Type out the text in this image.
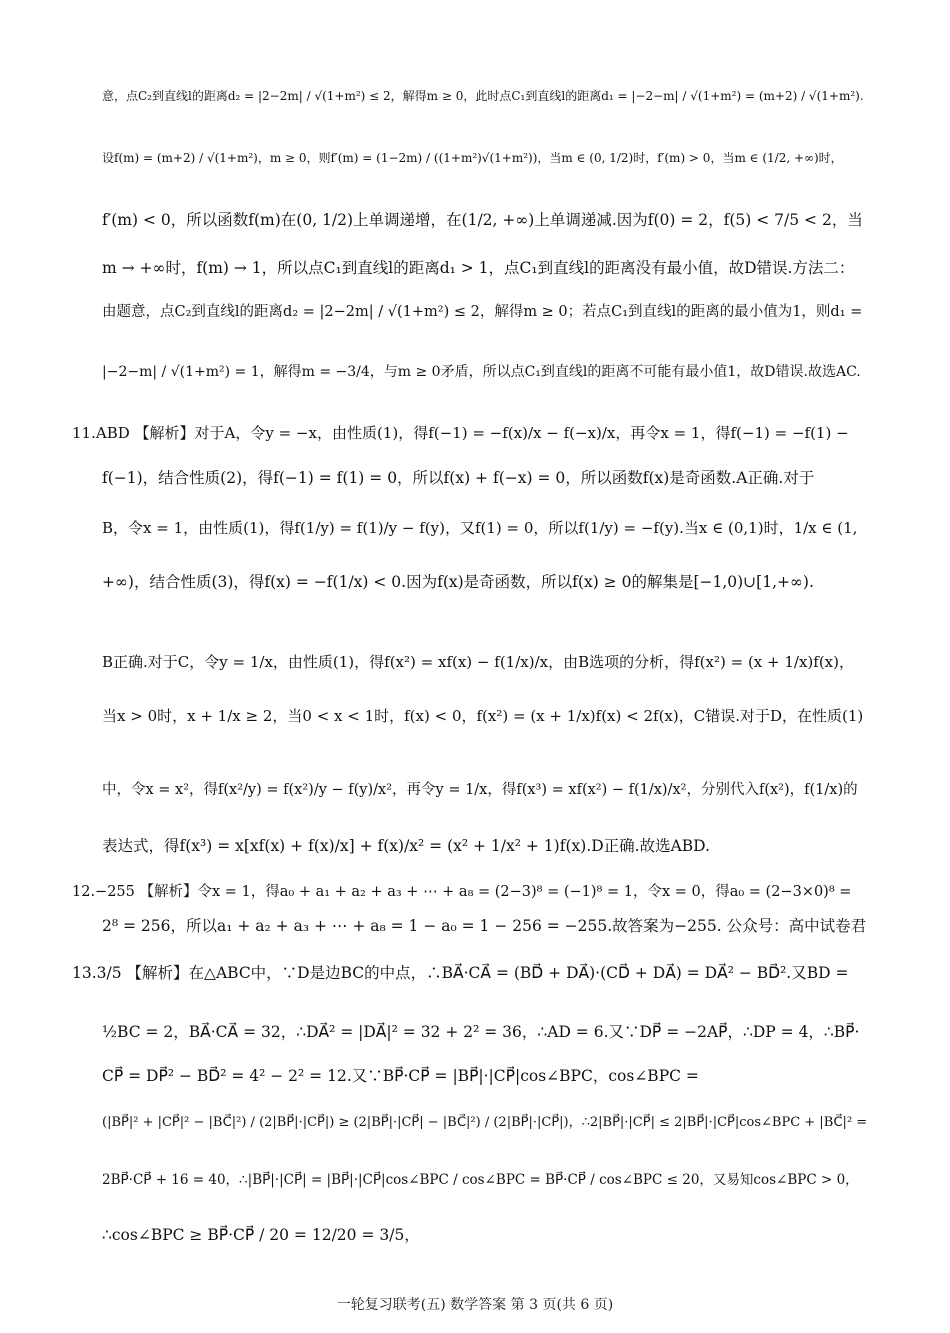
意，点C₂到直线l的距离d₂ = |2−2m| / √(1+m²) ≤ 2，解得m ≥ 0，此时点C₁到直线l的距离d₁ = |−2−m| / √(1+m²) = (m+2) / √(1+m²).
设f(m) = (m+2) / √(1+m²)，m ≥ 0，则f′(m) = (1−2m) / ((1+m²)√(1+m²))，当m ∈ (0, 1/2)时，f′(m) > 0，当m ∈ (1/2, +∞)时，
f′(m) < 0，所以函数f(m)在(0, 1/2)上单调递增，在(1/2, +∞)上单调递减.因为f(0) = 2，f(5) < 7/5 < 2，当
m → +∞时，f(m) → 1，所以点C₁到直线l的距离d₁ > 1，点C₁到直线l的距离没有最小值，故D错误.方法二：
由题意，点C₂到直线l的距离d₂ = |2−2m| / √(1+m²) ≤ 2，解得m ≥ 0；若点C₁到直线l的距离的最小值为1，则d₁ =
|−2−m| / √(1+m²) = 1，解得m = −3/4，与m ≥ 0矛盾，所以点C₁到直线l的距离不可能有最小值1，故D错误.故选AC.
11.ABD 【解析】对于A，令y = −x，由性质(1)，得f(−1) = −f(x)/x − f(−x)/x，再令x = 1，得f(−1) = −f(1) −
f(−1)，结合性质(2)，得f(−1) = f(1) = 0，所以f(x) + f(−x) = 0，所以函数f(x)是奇函数.A正确.对于
B，令x = 1，由性质(1)，得f(1/y) = f(1)/y − f(y)，又f(1) = 0，所以f(1/y) = −f(y).当x ∈ (0,1)时，1/x ∈ (1,
+∞)，结合性质(3)，得f(x) = −f(1/x) < 0.因为f(x)是奇函数，所以f(x) ≥ 0的解集是[−1,0)∪[1,+∞).
B正确.对于C，令y = 1/x，由性质(1)，得f(x²) = xf(x) − f(1/x)/x，由B选项的分析，得f(x²) = (x + 1/x)f(x)，
当x > 0时，x + 1/x ≥ 2，当0 < x < 1时，f(x) < 0，f(x²) = (x + 1/x)f(x) < 2f(x)，C错误.对于D，在性质(1)
中，令x = x²，得f(x²/y) = f(x²)/y − f(y)/x²，再令y = 1/x，得f(x³) = xf(x²) − f(1/x)/x²，分别代入f(x²)，f(1/x)的
表达式，得f(x³) = x[xf(x) + f(x)/x] + f(x)/x² = (x² + 1/x² + 1)f(x).D正确.故选ABD.
12.−255 【解析】令x = 1，得a₀ + a₁ + a₂ + a₃ + ⋯ + a₈ = (2−3)⁸ = (−1)⁸ = 1，令x = 0，得a₀ = (2−3×0)⁸ =
2⁸ = 256，所以a₁ + a₂ + a₃ + ⋯ + a₈ = 1 − a₀ = 1 − 256 = −255.故答案为−255. 公众号：高中试卷君
13.3/5 【解析】在△ABC中，∵D是边BC的中点，∴BA⃗·CA⃗ = (BD⃗ + DA⃗)·(CD⃗ + DA⃗) = DA⃗² − BD⃗².又BD =
½BC = 2，BA⃗·CA⃗ = 32，∴DA⃗² = |DA⃗|² = 32 + 2² = 36，∴AD = 6.又∵DP⃗ = −2AP⃗，∴DP = 4，∴BP⃗·
CP⃗ = DP⃗² − BD⃗² = 4² − 2² = 12.又∵BP⃗·CP⃗ = |BP⃗|·|CP⃗|cos∠BPC，cos∠BPC =
(|BP⃗|² + |CP⃗|² − |BC⃗|²) / (2|BP⃗|·|CP⃗|) ≥ (2|BP⃗|·|CP⃗| − |BC⃗|²) / (2|BP⃗|·|CP⃗|)，∴2|BP⃗|·|CP⃗| ≤ 2|BP⃗|·|CP⃗|cos∠BPC + |BC⃗|² =
2BP⃗·CP⃗ + 16 = 40，∴|BP⃗|·|CP⃗| = |BP⃗|·|CP⃗|cos∠BPC / cos∠BPC = BP⃗·CP⃗ / cos∠BPC ≤ 20，又易知cos∠BPC > 0，
∴cos∠BPC ≥ BP⃗·CP⃗ / 20 = 12/20 = 3/5，
一轮复习联考(五) 数学答案 第 3 页(共 6 页)
